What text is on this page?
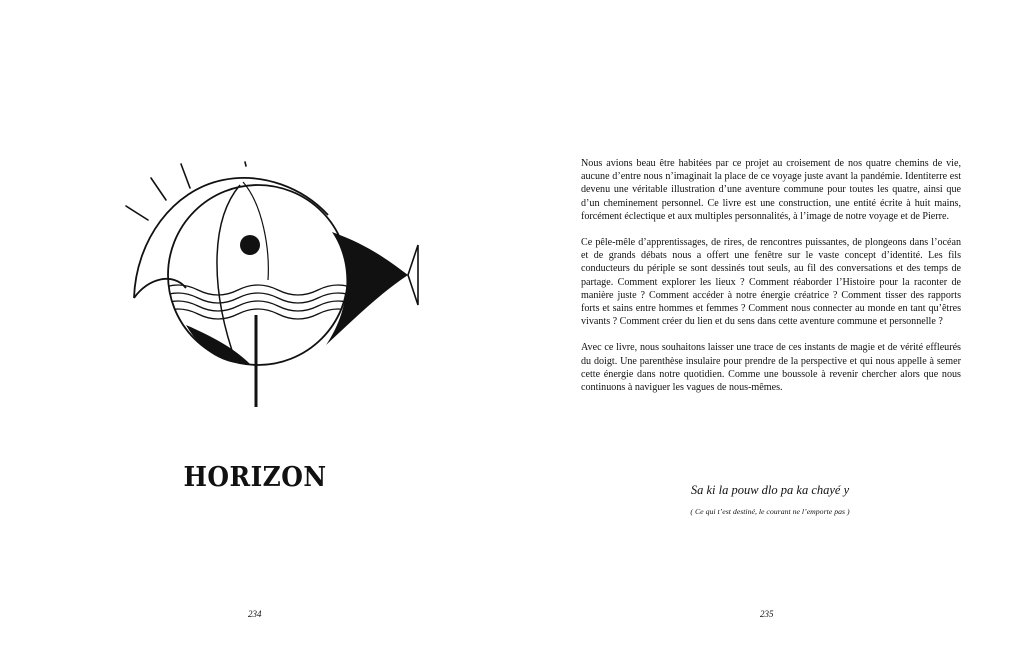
HORIZON
234

Nous avions beau être habitées par ce projet au croisement de nos quatre chemins de vie, aucune d’entre nous n’imaginait la place de ce voyage juste avant la pandémie. Identiterre est devenu une véritable illustration d’une aventure commune pour toutes les quatre, ainsi que d’un cheminement personnel. Ce livre est une construction, une entité écrite à huit mains, forcément éclectique et aux multiples personnalités, à l’image de notre voyage et de Pierre.

Ce pêle-mêle d’apprentissages, de rires, de rencontres puissantes, de plongeons dans l’océan et de grands débats nous a offert une fenêtre sur le vaste concept d’identité. Les fils conducteurs du périple se sont dessinés tout seuls, au fil des conversations et des temps de partage. Comment explorer les lieux ? Comment réaborder l’Histoire pour la raconter de manière juste ? Comment accéder à notre énergie créatrice ? Comment tisser des rapports forts et sains entre hommes et femmes ? Comment nous connecter au monde en tant qu’êtres vivants ? Comment créer du lien et du sens dans cette aventure commune et personnelle ?

Avec ce livre, nous souhaitons laisser une trace de ces instants de magie et de vérité effleurés du doigt. Une parenthèse insulaire pour prendre de la perspective et qui nous appelle à semer cette énergie dans notre quotidien. Comme une boussole à revenir chercher alors que nous continuons à naviguer les vagues de nous-mêmes.

Sa ki la pouw dlo pa ka chayé y
( Ce qui t’est destiné, le courant ne l’emporte pas )
235
